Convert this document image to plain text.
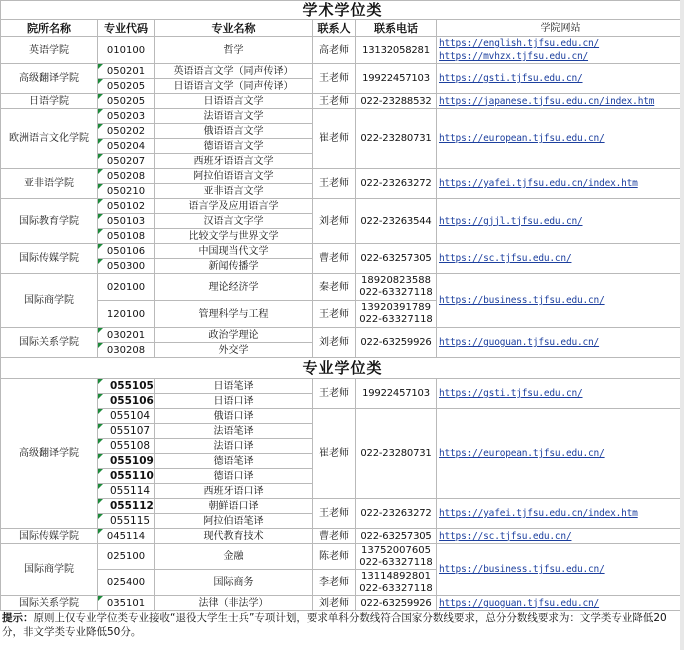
学术学位类					
院所名称	专业代码	专业名称	联系人	联系电话	学院网站
英语学院	010100	哲学	高老师	13132058281	https://english.tjfsu.edu.cn/
https://mvhzx.tjfsu.edu.cn/

高级翻译学院	050201	英语语言文学（同声传译）	王老师	19922457103	https://gsti.tjfsu.edu.cn/
	050205	日语语言文学（同声传译）			
日语学院	050205	日语语言文学	王老师	022-23288532	https://japanese.tjfsu.edu.cn/index.htm
欧洲语言文化学院	050203	法语语言文学	崔老师	022-23280731	https://european.tjfsu.edu.cn/
	050202	俄语语言文学			
	050204	德语语言文学			
	050207	西班牙语语言文学			
亚非语学院	050208	阿拉伯语语言文学	王老师	022-23263272	https://yafei.tjfsu.edu.cn/index.htm
	050210	亚非语言文学			
国际教育学院	050102	语言学及应用语言学	刘老师	022-23263544	https://gjjl.tjfsu.edu.cn/
	050103	汉语言文字学			
	050108	比较文学与世界文学			
国际传媒学院	050106	中国现当代文学	曹老师	022-63257305	https://sc.tjfsu.edu.cn/
	050300	新闻传播学			
国际商学院	020100	理论经济学	秦老师	18920823588
022-63327118	https://business.tjfsu.edu.cn/
	120100	管理科学与工程	王老师	13920391789
022-63327118	

国际关系学院	030201	政治学理论	刘老师	022-63259926	https://guoguan.tjfsu.edu.cn/
	030208	外交学			
专业学位类					
高级翻译学院	055105	日语笔译	王老师	19922457103	https://gsti.tjfsu.edu.cn/
	055106	日语口译			
	055104	俄语口译	崔老师	022-23280731	https://european.tjfsu.edu.cn/
	055107	法语笔译			
	055108	法语口译			
	055109	德语笔译			
	055110	德语口译			
	055114	西班牙语口译			
	055112	朝鲜语口译	王老师	022-23263272	https://yafei.tjfsu.edu.cn/index.htm
	055115	阿拉伯语笔译			
国际传媒学院	045114	现代教育技术	曹老师	022-63257305	https://sc.tjfsu.edu.cn/
国际商学院	025100	金融	陈老师	13752007605
022-63327118	https://business.tjfsu.edu.cn/
	025400	国际商务	李老师	13114892801
022-63327118	

国际关系学院	035101	法律（非法学）	刘老师	022-63259926	https://guoguan.tjfsu.edu.cn/
提示：原则上仅专业学位类专业接收“退役大学生士兵”专项计划，要求单科分数线符合国家分数线要求，总分分数线要求为：文学类专业降低20分，非文学类专业降低50分。
